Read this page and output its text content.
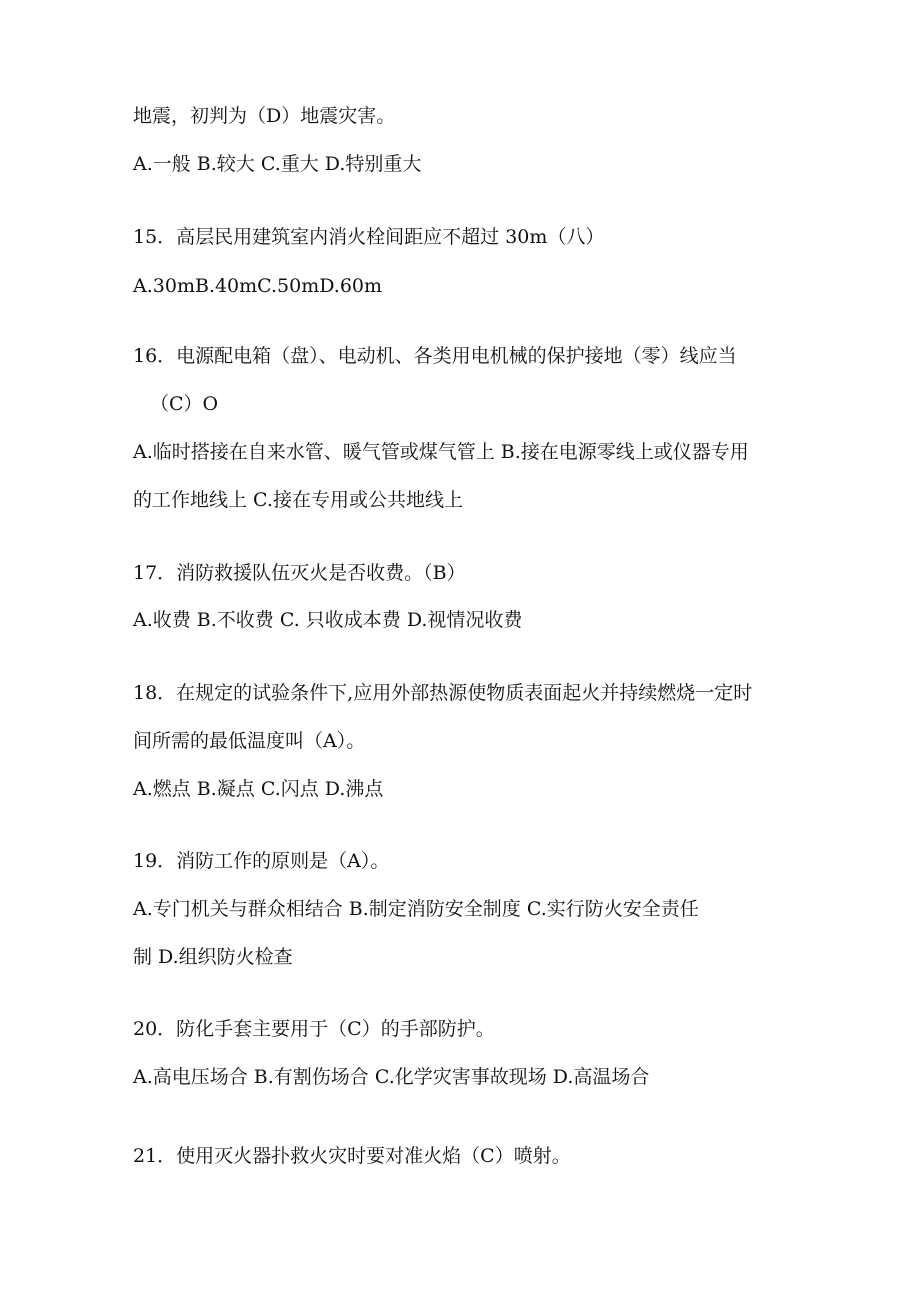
地震，初判为（D）地震灾害。
A.一般 B.较大 C.重大 D.特别重大
15．高层民用建筑室内消火栓间距应不超过 30m（八）
A.30mB.40mC.50mD.60m
16．电源配电箱（盘）、电动机、各类用电机械的保护接地（零）线应当
（C）O
A.临时搭接在自来水管、暖气管或煤气管上 B.接在电源零线上或仪器专用
的工作地线上 C.接在专用或公共地线上
17．消防救援队伍灭火是否收费。（B）
A.收费 B.不收费 C. 只收成本费 D.视情况收费
18．在规定的试验条件下,应用外部热源使物质表面起火并持续燃烧一定时
间所需的最低温度叫（A）。
A.燃点 B.凝点 C.闪点 D.沸点
19．消防工作的原则是（A）。
A.专门机关与群众相结合 B.制定消防安全制度 C.实行防火安全责任
制 D.组织防火检查
20．防化手套主要用于（C）的手部防护。
A.高电压场合 B.有割伤场合 C.化学灾害事故现场 D.高温场合
21．使用灭火器扑救火灾时要对准火焰（C）喷射。
